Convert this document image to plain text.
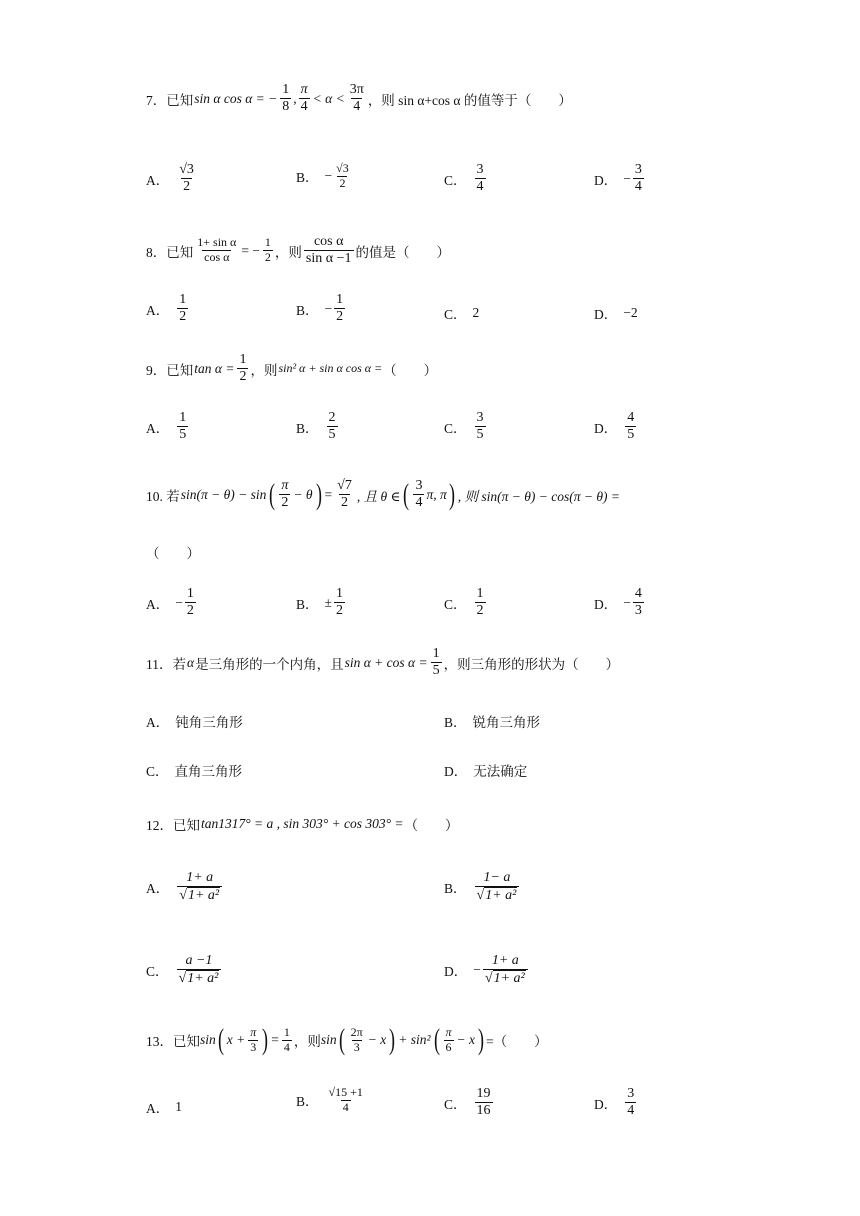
7．已知 sin α cos α = − $\frac{1}{8}$ , $\frac{\pi}{4} < \alpha < \frac{3\pi}{4}$ ，则 sin α+cos α 的值等于（　　）
A． $\frac{√3}{2}$	B． − $\frac{√3}{2}$	C． $\frac{3}{4}$	D． − $\frac{3}{4}$
8．已知 $\frac{\text{1+ sin α}}{\text{cos α}}$ = − $\frac{1}{2}$ ，则 $\frac{\text{cos α}}{\text{sin α −1}}$ 的值是（　　）
A． $\frac{1}{2}$	B． − $\frac{1}{2}$	C． 2	D． −2
9．已知 $\tan \alpha = \frac{1}{2}$ ，则 sin² α + sin α cos α = （　　）
A． $\frac{1}{5}$	B． $\frac{2}{5}$	C． $\frac{3}{5}$	D． $\frac{4}{5}$
10. 若 sin(π − θ) − sin ( $\frac{\pi}{2} - \theta$ ) = $\frac{√7}{2}$ , 且 θ ∈ ( $\frac{3}{4} \pi$, π ) , 则 sin(π − θ) − cos(π − θ) =
（　　）
A． − $\frac{1}{2}$	B． ± $\frac{1}{2}$	C． $\frac{1}{2}$	D． − $\frac{4}{3}$
11．若 α 是三角形的一个内角，且 $\sin \alpha + \cos \alpha = \frac{1}{5}$ ，则三角形的形状为（　　）
A． 钝角三角形	B． 锐角三角形
C． 直角三角形	D． 无法确定
12．已知 tan1317° = a , sin 303° + cos 303° = （　　）
A． $\frac{1+ a}{\text{√ 1+ a²}}$	B． $\frac{1- a}{\text{√ 1+ a²}}$
C． $\frac{a -1}{\text{√ 1+ a²}}$	D． − $\frac{1+ a}{\text{√ 1+ a²}}$
13．已知 sin ( $x + \frac{\pi}{3}$ ) = $\frac{1}{4}$ ，则 sin ( $\frac{2\pi}{3} - x$ ) + sin² ( $\frac{\pi}{6} - x$ ) =（　　）
A． 1	B． $\frac{√15 +1}{4}$	C． $\frac{19}{16}$	D． $\frac{3}{4}$
